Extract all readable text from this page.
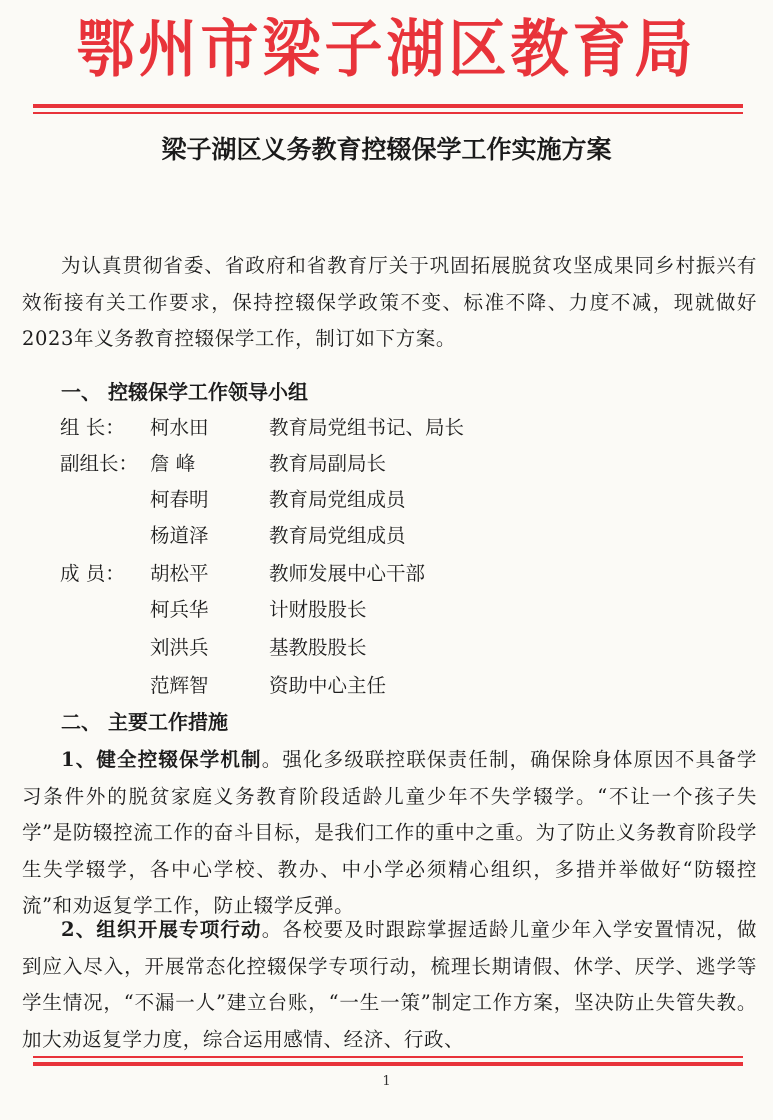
鄂州市梁子湖区教育局
梁子湖区义务教育控辍保学工作实施方案
为认真贯彻省委、省政府和省教育厅关于巩固拓展脱贫攻坚成果同乡村振兴有效衔接有关工作要求，保持控辍保学政策不变、标准不降、力度不减，现就做好2023年义务教育控辍保学工作，制订如下方案。
一、 控辍保学工作领导小组
组 长：	柯水田	教育局党组书记、局长
副组长： 詹 峰	教育局副局长
柯春明	教育局党组成员
杨道泽	教育局党组成员
成 员：	胡松平	教师发展中心干部
柯兵华	计财股股长
刘洪兵	基教股股长
范辉智	资助中心主任
二、 主要工作措施
1、健全控辍保学机制。强化多级联控联保责任制，确保除身体原因不具备学习条件外的脱贫家庭义务教育阶段适龄儿童少年不失学辍学。“不让一个孩子失学”是防辍控流工作的奋斗目标，是我们工作的重中之重。为了防止义务教育阶段学生失学辍学，各中心学校、教办、中小学必须精心组织，多措并举做好“防辍控流”和劝返复学工作，防止辍学反弹。
2、组织开展专项行动。各校要及时跟踪掌握适龄儿童少年入学安置情况，做到应入尽入，开展常态化控辍保学专项行动，梳理长期请假、休学、厌学、逃学等学生情况，“不漏一人”建立台账，“一生一策”制定工作方案，坚决防止失管失教。加大劝返复学力度，综合运用感情、经济、行政、
1
